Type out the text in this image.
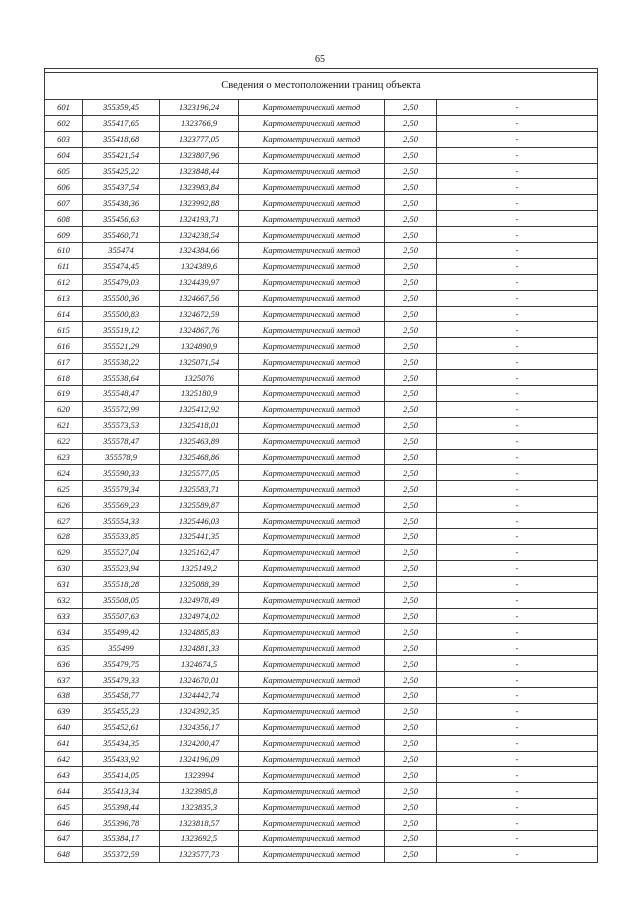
65

Сведения о местоположении границ объекта					
601	355359,45	1323196,24	Картометрический метод	2,50	-
602	355417,65	1323766,9	Картометрический метод	2,50	-
603	355418,68	1323777,05	Картометрический метод	2,50	-
604	355421,54	1323807,96	Картометрический метод	2,50	-
605	355425,22	1323848,44	Картометрический метод	2,50	-
606	355437,54	1323983,84	Картометрический метод	2,50	-
607	355438,36	1323992,88	Картометрический метод	2,50	-
608	355456,63	1324193,71	Картометрический метод	2,50	-
609	355460,71	1324238,54	Картометрический метод	2,50	-
610	355474	1324384,66	Картометрический метод	2,50	-
611	355474,45	1324389,6	Картометрический метод	2,50	-
612	355479,03	1324439,97	Картометрический метод	2,50	-
613	355500,36	1324667,56	Картометрический метод	2,50	-
614	355500,83	1324672,59	Картометрический метод	2,50	-
615	355519,12	1324867,76	Картометрический метод	2,50	-
616	355521,29	1324890,9	Картометрический метод	2,50	-
617	355538,22	1325071,54	Картометрический метод	2,50	-
618	355538,64	1325076	Картометрический метод	2,50	-
619	355548,47	1325180,9	Картометрический метод	2,50	-
620	355572,99	1325412,92	Картометрический метод	2,50	-
621	355573,53	1325418,01	Картометрический метод	2,50	-
622	355578,47	1325463,89	Картометрический метод	2,50	-
623	355578,9	1325468,86	Картометрический метод	2,50	-
624	355590,33	1325577,05	Картометрический метод	2,50	-
625	355579,34	1325583,71	Картометрический метод	2,50	-
626	355569,23	1325589,87	Картометрический метод	2,50	-
627	355554,33	1325446,03	Картометрический метод	2,50	-
628	355533,85	1325441,35	Картометрический метод	2,50	-
629	355527,04	1325162,47	Картометрический метод	2,50	-
630	355523,94	1325149,2	Картометрический метод	2,50	-
631	355518,28	1325088,39	Картометрический метод	2,50	-
632	355508,05	1324978,49	Картометрический метод	2,50	-
633	355507,63	1324974,02	Картометрический метод	2,50	-
634	355499,42	1324885,83	Картометрический метод	2,50	-
635	355499	1324881,33	Картометрический метод	2,50	-
636	355479,75	1324674,5	Картометрический метод	2,50	-
637	355479,33	1324670,01	Картометрический метод	2,50	-
638	355458,77	1324442,74	Картометрический метод	2,50	-
639	355455,23	1324392,35	Картометрический метод	2,50	-
640	355452,61	1324356,17	Картометрический метод	2,50	-
641	355434,35	1324200,47	Картометрический метод	2,50	-
642	355433,92	1324196,09	Картометрический метод	2,50	-
643	355414,05	1323994	Картометрический метод	2,50	-
644	355413,34	1323985,8	Картометрический метод	2,50	-
645	355398,44	1323835,3	Картометрический метод	2,50	-
646	355396,78	1323818,57	Картометрический метод	2,50	-
647	355384,17	1323692,5	Картометрический метод	2,50	-
648	355372,59	1323577,73	Картометрический метод	2,50	-
